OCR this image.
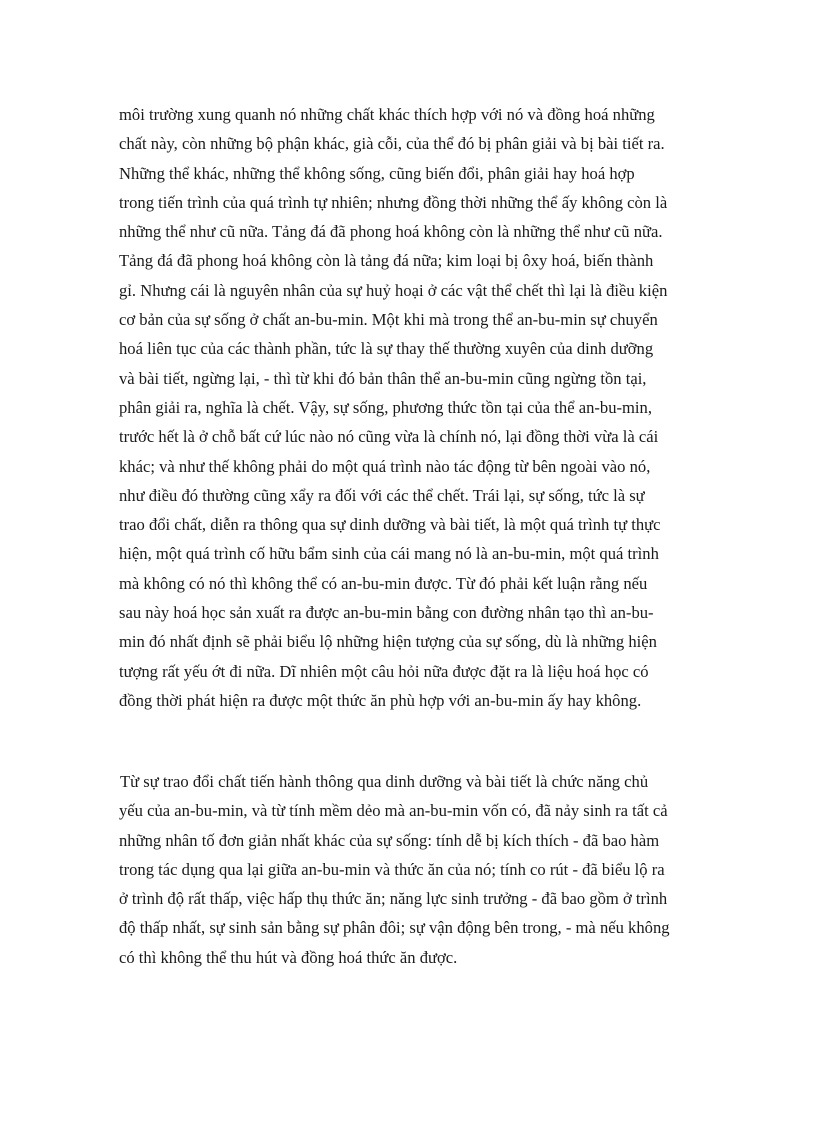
môi trường xung quanh nó những chất khác thích hợp với nó và đồng hoá những
chất này, còn những bộ phận khác, già cỗi, của thể đó bị phân giải và bị bài tiết ra.
Những thể khác, những thể không sống, cũng biến đổi, phân giải hay hoá hợp
trong tiến trình của quá trình tự nhiên; nhưng đồng thời những thể ấy không còn là
những thể như cũ nữa. Tảng đá đã phong hoá không còn là những thể như cũ nữa.
Tảng đá đã phong hoá không còn là tảng đá nữa; kim loại bị ôxy hoá, biến thành
gỉ. Nhưng cái là nguyên nhân của sự huỷ hoại ở các vật thể chết thì lại là điều kiện
cơ bản của sự sống ở chất an-bu-min. Một khi mà trong thể an-bu-min sự chuyển
hoá liên tục của các thành phần, tức là sự thay thế thường xuyên của dinh dưỡng
và bài tiết, ngừng lại, - thì từ khi đó bản thân thể an-bu-min cũng ngừng tồn tại,
phân giải ra, nghĩa là chết. Vậy, sự sống, phương thức tồn tại của thể an-bu-min,
trước hết là ở chỗ bất cứ lúc nào nó cũng vừa là chính nó, lại đồng thời vừa là cái
khác; và như thế không phải do một quá trình nào tác động từ bên ngoài vào nó,
như điều đó thường cũng xẩy ra đối với các thể chết. Trái lại, sự sống, tức là sự
trao đổi chất, diễn ra thông qua sự dinh dưỡng và bài tiết, là một quá trình tự thực
hiện, một quá trình cố hữu bẩm sinh của cái mang nó là an-bu-min, một quá trình
mà không có nó thì không thể có an-bu-min được. Từ đó phải kết luận rằng nếu
sau này hoá học sản xuất ra được an-bu-min bằng con đường nhân tạo thì an-bu-
min đó nhất định sẽ phải biểu lộ những hiện tượng của sự sống, dù là những hiện
tượng rất yếu ớt đi nữa. Dĩ nhiên một câu hỏi nữa được đặt ra là liệu hoá học có
đồng thời phát hiện ra được một thức ăn phù hợp với an-bu-min ấy hay không.
Từ sự trao đổi chất tiến hành thông qua dinh dưỡng và bài tiết là chức năng chủ
yếu của an-bu-min, và từ tính mềm dẻo mà an-bu-min vốn có, đã nảy sinh ra tất cả
những nhân tố đơn giản nhất khác của sự sống: tính dễ bị kích thích - đã bao hàm
trong tác dụng qua lại giữa an-bu-min và thức ăn của nó; tính co rút - đã biểu lộ ra
ở trình độ rất thấp, việc hấp thụ thức ăn; năng lực sinh trưởng - đã bao gồm ở trình
độ thấp nhất, sự sinh sản bằng sự phân đôi; sự vận động bên trong, - mà nếu không
có thì không thể thu hút và đồng hoá thức ăn được.
